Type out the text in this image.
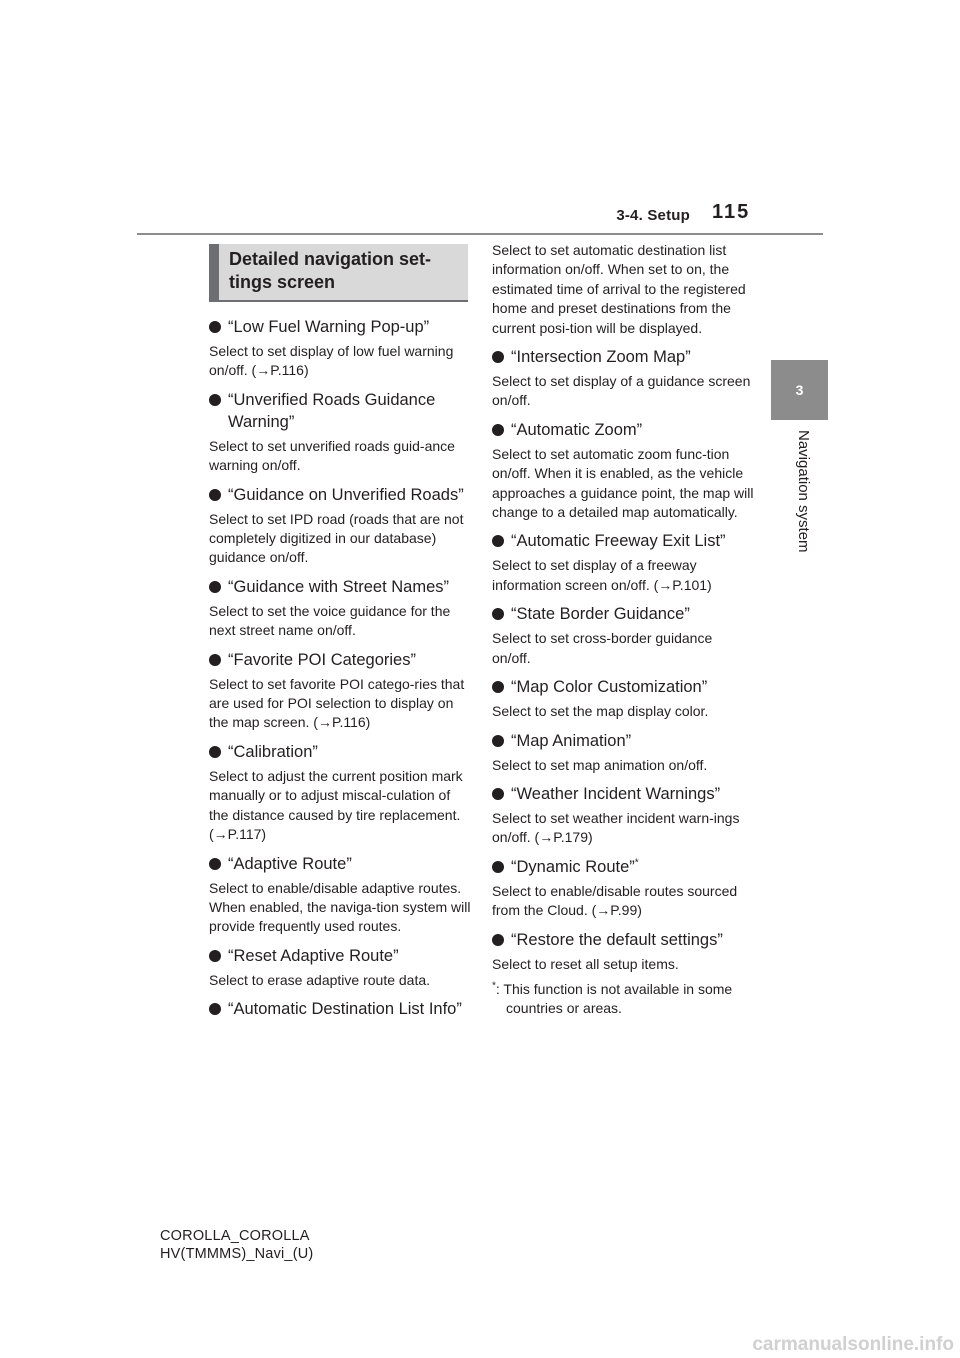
3-4. Setup 115
3
Navigation system
Detailed navigation set-
tings screen
“Low Fuel Warning Pop-up”
Select to set display of low fuel warning on/off. (→P.116)
“Unverified Roads Guidance Warning”
Select to set unverified roads guid-ance warning on/off.
“Guidance on Unverified Roads”
Select to set IPD road (roads that are not completely digitized in our database) guidance on/off.
“Guidance with Street Names”
Select to set the voice guidance for the next street name on/off.
“Favorite POI Categories”
Select to set favorite POI catego-ries that are used for POI selection to display on the map screen. (→P.116)
“Calibration”
Select to adjust the current position mark manually or to adjust miscal-culation of the distance caused by tire replacement. (→P.117)
“Adaptive Route”
Select to enable/disable adaptive routes. When enabled, the naviga-tion system will provide frequently used routes.
“Reset Adaptive Route”
Select to erase adaptive route data.
“Automatic Destination List Info”
Select to set automatic destination list information on/off. When set to on, the estimated time of arrival to the registered home and preset destinations from the current posi-tion will be displayed.
“Intersection Zoom Map”
Select to set display of a guidance screen on/off.
“Automatic Zoom”
Select to set automatic zoom func-tion on/off. When it is enabled, as the vehicle approaches a guidance point, the map will change to a detailed map automatically.
“Automatic Freeway Exit List”
Select to set display of a freeway information screen on/off. (→P.101)
“State Border Guidance”
Select to set cross-border guidance on/off.
“Map Color Customization”
Select to set the map display color.
“Map Animation”
Select to set map animation on/off.
“Weather Incident Warnings”
Select to set weather incident warn-ings on/off. (→P.179)
“Dynamic Route”*
Select to enable/disable routes sourced from the Cloud. (→P.99)
“Restore the default settings”
Select to reset all setup items.
*: This function is not available in some countries or areas.
COROLLA_COROLLA
HV(TMMMS)_Navi_(U)
carmanualsonline.info
